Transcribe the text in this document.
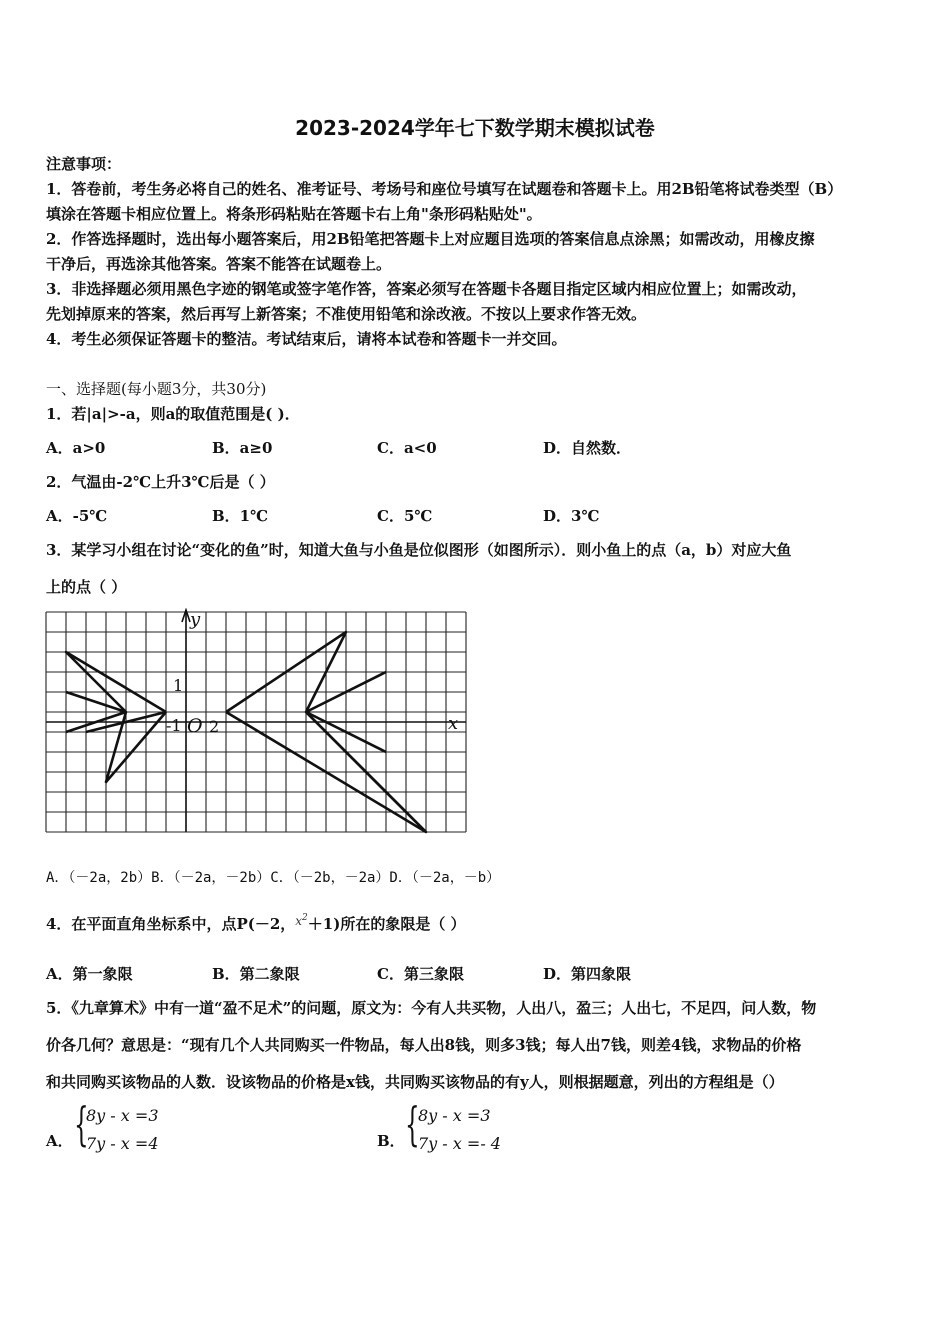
2023-2024学年七下数学期末模拟试卷
注意事项：
1．答卷前，考生务必将自己的姓名、准考证号、考场号和座位号填写在试题卷和答题卡上。用2B铅笔将试卷类型（B）
填涂在答题卡相应位置上。将条形码粘贴在答题卡右上角"条形码粘贴处"。
2．作答选择题时，选出每小题答案后，用2B铅笔把答题卡上对应题目选项的答案信息点涂黑；如需改动，用橡皮擦
干净后，再选涂其他答案。答案不能答在试题卷上。
3．非选择题必须用黑色字迹的钢笔或签字笔作答，答案必须写在答题卡各题目指定区域内相应位置上；如需改动，
先划掉原来的答案，然后再写上新答案；不准使用铅笔和涂改液。不按以上要求作答无效。
4．考生必须保证答题卡的整洁。考试结束后，请将本试卷和答题卡一并交回。
一、选择题(每小题3分，共30分)
1．若|a|>-a，则a的取值范围是( )．
A．a>0	B．a≥0	C．a<0	D．自然数．
2．气温由-2℃上升3℃后是（ ）
A．-5℃	B．1℃	C．5℃	D．3℃
3．某学习小组在讨论“变化的鱼”时，知道大鱼与小鱼是位似图形（如图所示）．则小鱼上的点（a，b）对应大鱼
上的点（ ）
y
x
1
-1 O 2
A．（－2a，2b）B．（－2a，－2b）C．（－2b，－2a）D．（－2a，－b）
4．在平面直角坐标系中，点P(－2，$^{x^2}$＋1)所在的象限是（ ）
A．第一象限	B．第二象限	C．第三象限	D．第四象限
5．《九章算术》中有一道“盈不足术”的问题，原文为：今有人共买物，人出八，盈三；人出七，不足四，问人数，物
价各几何？意思是：“现有几个人共同购买一件物品，每人出8钱，则多3钱；每人出7钱，则差4钱，求物品的价格
和共同购买该物品的人数．设该物品的价格是x钱，共同购买该物品的有y人，则根据题意，列出的方程组是（）
A． {
8y - x =3
7y - x =4	B． {
8y - x =3
7y - x =- 4
